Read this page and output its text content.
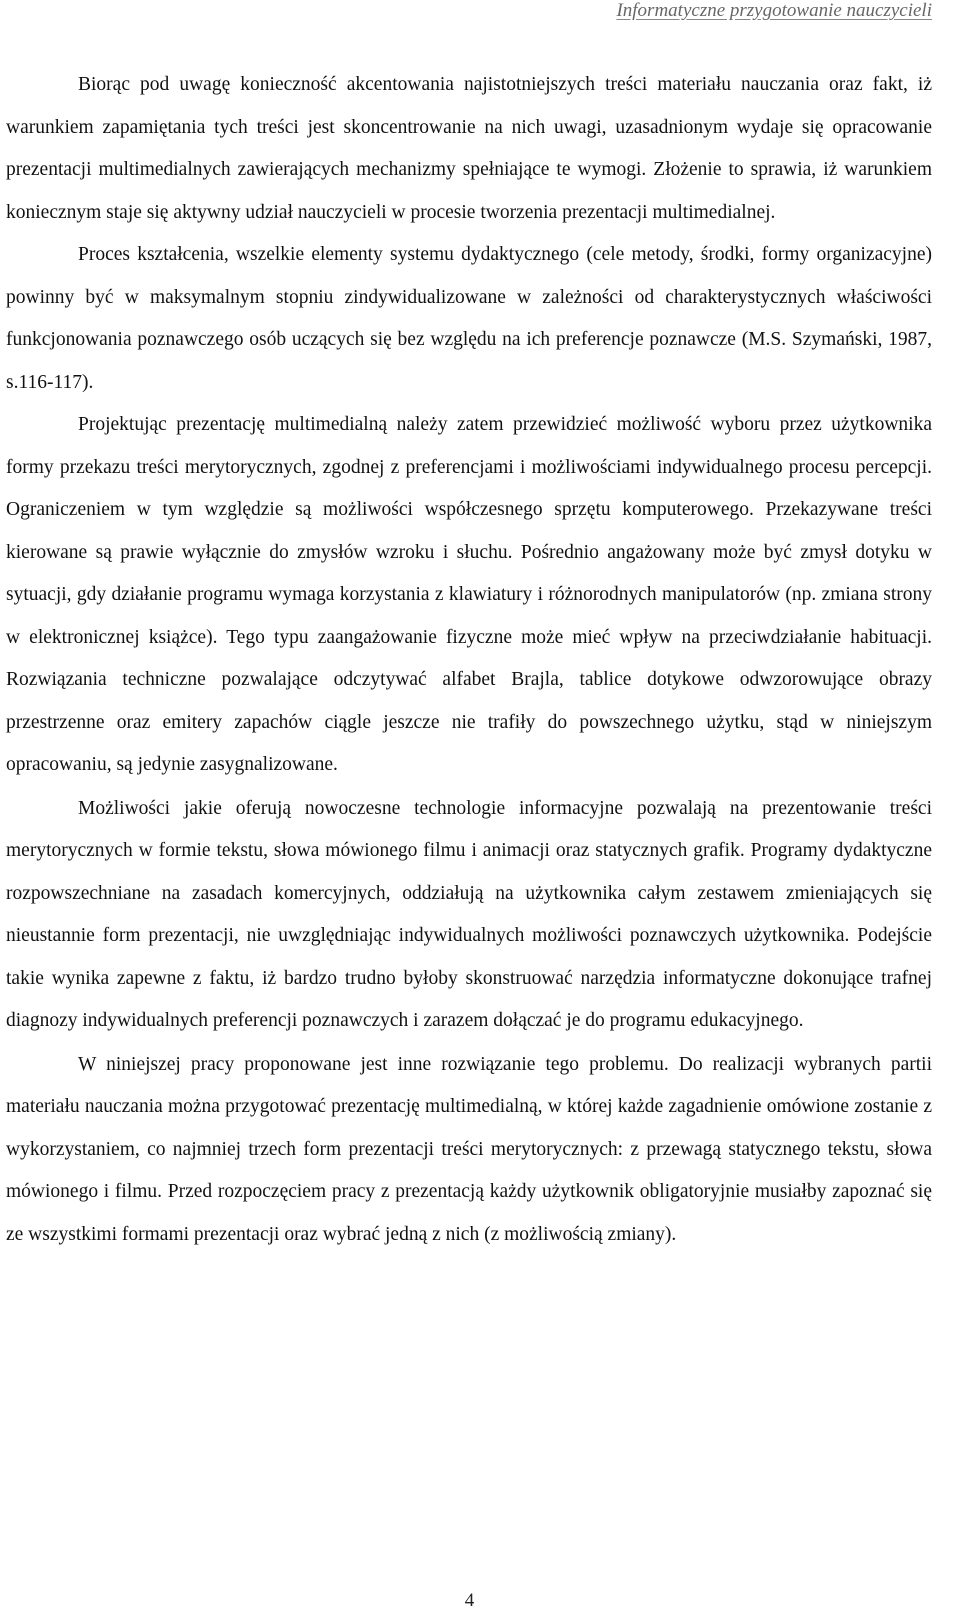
Informatyczne przygotowanie nauczycieli

Biorąc pod uwagę konieczność akcentowania najistotniejszych treści materiału nauczania oraz fakt, iż warunkiem zapamiętania tych treści jest skoncentrowanie na nich uwagi, uzasadnionym wydaje się opracowanie prezentacji multimedialnych zawierających mechanizmy spełniające te wymogi. Złożenie to sprawia, iż warunkiem koniecznym staje się aktywny udział nauczycieli w procesie tworzenia prezentacji multimedialnej.

Proces kształcenia, wszelkie elementy systemu dydaktycznego (cele metody, środki, formy organizacyjne) powinny być w maksymalnym stopniu zindywidualizowane w zależności od charakterystycznych właściwości funkcjonowania poznawczego osób uczących się bez względu na ich preferencje poznawcze (M.S. Szymański, 1987, s.116-117).

Projektując prezentację multimedialną należy zatem przewidzieć możliwość wyboru przez użytkownika formy przekazu treści merytorycznych, zgodnej z preferencjami i możliwościami indywidualnego procesu percepcji. Ograniczeniem w tym względzie są możliwości współczesnego sprzętu komputerowego. Przekazywane treści kierowane są prawie wyłącznie do zmysłów wzroku i słuchu. Pośrednio angażowany może być zmysł dotyku w sytuacji, gdy działanie programu wymaga korzystania z klawiatury i różnorodnych manipulatorów (np. zmiana strony w elektronicznej książce). Tego typu zaangażowanie fizyczne może mieć wpływ na przeciwdziałanie habituacji. Rozwiązania techniczne pozwalające odczytywać alfabet Brajla, tablice dotykowe odwzorowujące obrazy przestrzenne oraz emitery zapachów ciągle jeszcze nie trafiły do powszechnego użytku, stąd w niniejszym opracowaniu, są jedynie zasygnalizowane.

Możliwości jakie oferują nowoczesne technologie informacyjne pozwalają na prezentowanie treści merytorycznych w formie tekstu, słowa mówionego filmu i animacji oraz statycznych grafik. Programy dydaktyczne rozpowszechniane na zasadach komercyjnych, oddziałują na użytkownika całym zestawem zmieniających się nieustannie form prezentacji, nie uwzględniając indywidualnych możliwości poznawczych użytkownika. Podejście takie wynika zapewne z faktu, iż bardzo trudno byłoby skonstruować narzędzia informatyczne dokonujące trafnej diagnozy indywidualnych preferencji poznawczych i zarazem dołączać je do programu edukacyjnego.

W niniejszej pracy proponowane jest inne rozwiązanie tego problemu. Do realizacji wybranych partii materiału nauczania można przygotować prezentację multimedialną, w której każde zagadnienie omówione zostanie z wykorzystaniem, co najmniej trzech form prezentacji treści merytorycznych: z przewagą statycznego tekstu, słowa mówionego i filmu. Przed rozpoczęciem pracy z prezentacją każdy użytkownik obligatoryjnie musiałby zapoznać się ze wszystkimi formami prezentacji oraz wybrać jedną z nich (z możliwością zmiany).

4
